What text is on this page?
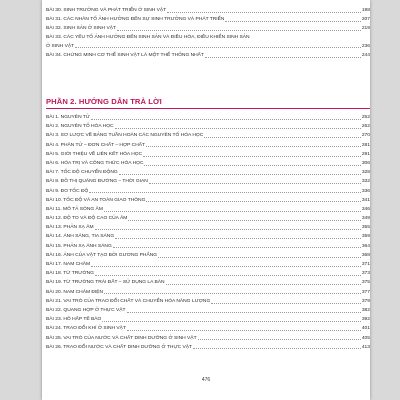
BÀI 30. SINH TRƯỞNG VÀ PHÁT TRIỂN Ở SINH VẬT	198
BÀI 31. CÁC NHÂN TỐ ẢNH HƯỞNG ĐẾN SỰ SINH TRƯỞNG VÀ PHÁT TRIỂN	207
BÀI 32. SINH SẢN Ở SINH VẬT	219
BÀI 33. CÁC YẾU TỐ ẢNH HƯỞNG ĐẾN SINH SẢN VÀ ĐIỀU HÒA, ĐIỀU KHIỂN SINH SẢN
Ở SINH VẬT	236
BÀI 34. CHỨNG MINH CƠ THỂ SINH VẬT LÀ MỘT THỂ THỐNG NHẤT	244
PHẦN 2. HƯỚNG DẪN TRẢ LỜI
BÀI 1. NGUYÊN TỬ	252
BÀI 2. NGUYÊN TỐ HÓA HỌC	262
BÀI 3. SƠ LƯỢC VỀ BẢNG TUẦN HOÀN CÁC NGUYÊN TỐ HÓA HỌC	270
BÀI 4. PHÂN TỬ – ĐƠN CHẤT – HỢP CHẤT	281
BÀI 5. GIỚI THIỆU VỀ LIÊN KẾT HÓA HỌC	291
BÀI 6. HÓA TRỊ VÀ CÔNG THỨC HÓA HỌC	306
BÀI 7. TỐC ĐỘ CHUYỂN ĐỘNG	328
BÀI 8. ĐỒ THỊ QUÃNG ĐƯỜNG – THỜI GIAN	332
BÀI 9. ĐO TỐC ĐỘ	336
BÀI 10. TỐC ĐỘ VÀ AN TOÀN GIAO THÔNG	341
BÀI 11. MÔ TẢ SÓNG ÂM	346
BÀI 12. ĐỘ TO VÀ ĐỘ CAO CỦA ÂM	349
BÀI 13. PHẢN XẠ ÂM	355
BÀI 14. ÁNH SÁNG, TIA SÁNG	359
BÀI 15. PHẢN XẠ ÁNH SÁNG	364
BÀI 16. ẢNH CỦA VẬT TẠO BỞI GƯƠNG PHẲNG	368
BÀI 17. NAM CHÂM	371
BÀI 18. TỪ TRƯỜNG	373
BÀI 19. TỪ TRƯỜNG TRÁI ĐẤT – SỬ DỤNG LA BÀN	375
BÀI 20. NAM CHÂM ĐIỆN	377
BÀI 21. VAI TRÒ CỦA TRAO ĐỔI CHẤT VÀ CHUYỂN HÓA NĂNG LƯỢNG	379
BÀI 22. QUANG HỢP Ở THỰC VẬT	382
BÀI 23. HÔ HẤP TẾ BÀO	392
BÀI 24. TRAO ĐỔI KHÍ Ở SINH VẬT	401
BÀI 25. VAI TRÒ CỦA NƯỚC VÀ CHẤT DINH DƯỠNG Ở SINH VẬT	405
BÀI 26. TRAO ĐỔI NƯỚC VÀ CHẤT DINH DƯỠNG Ở THỰC VẬT	413
476
